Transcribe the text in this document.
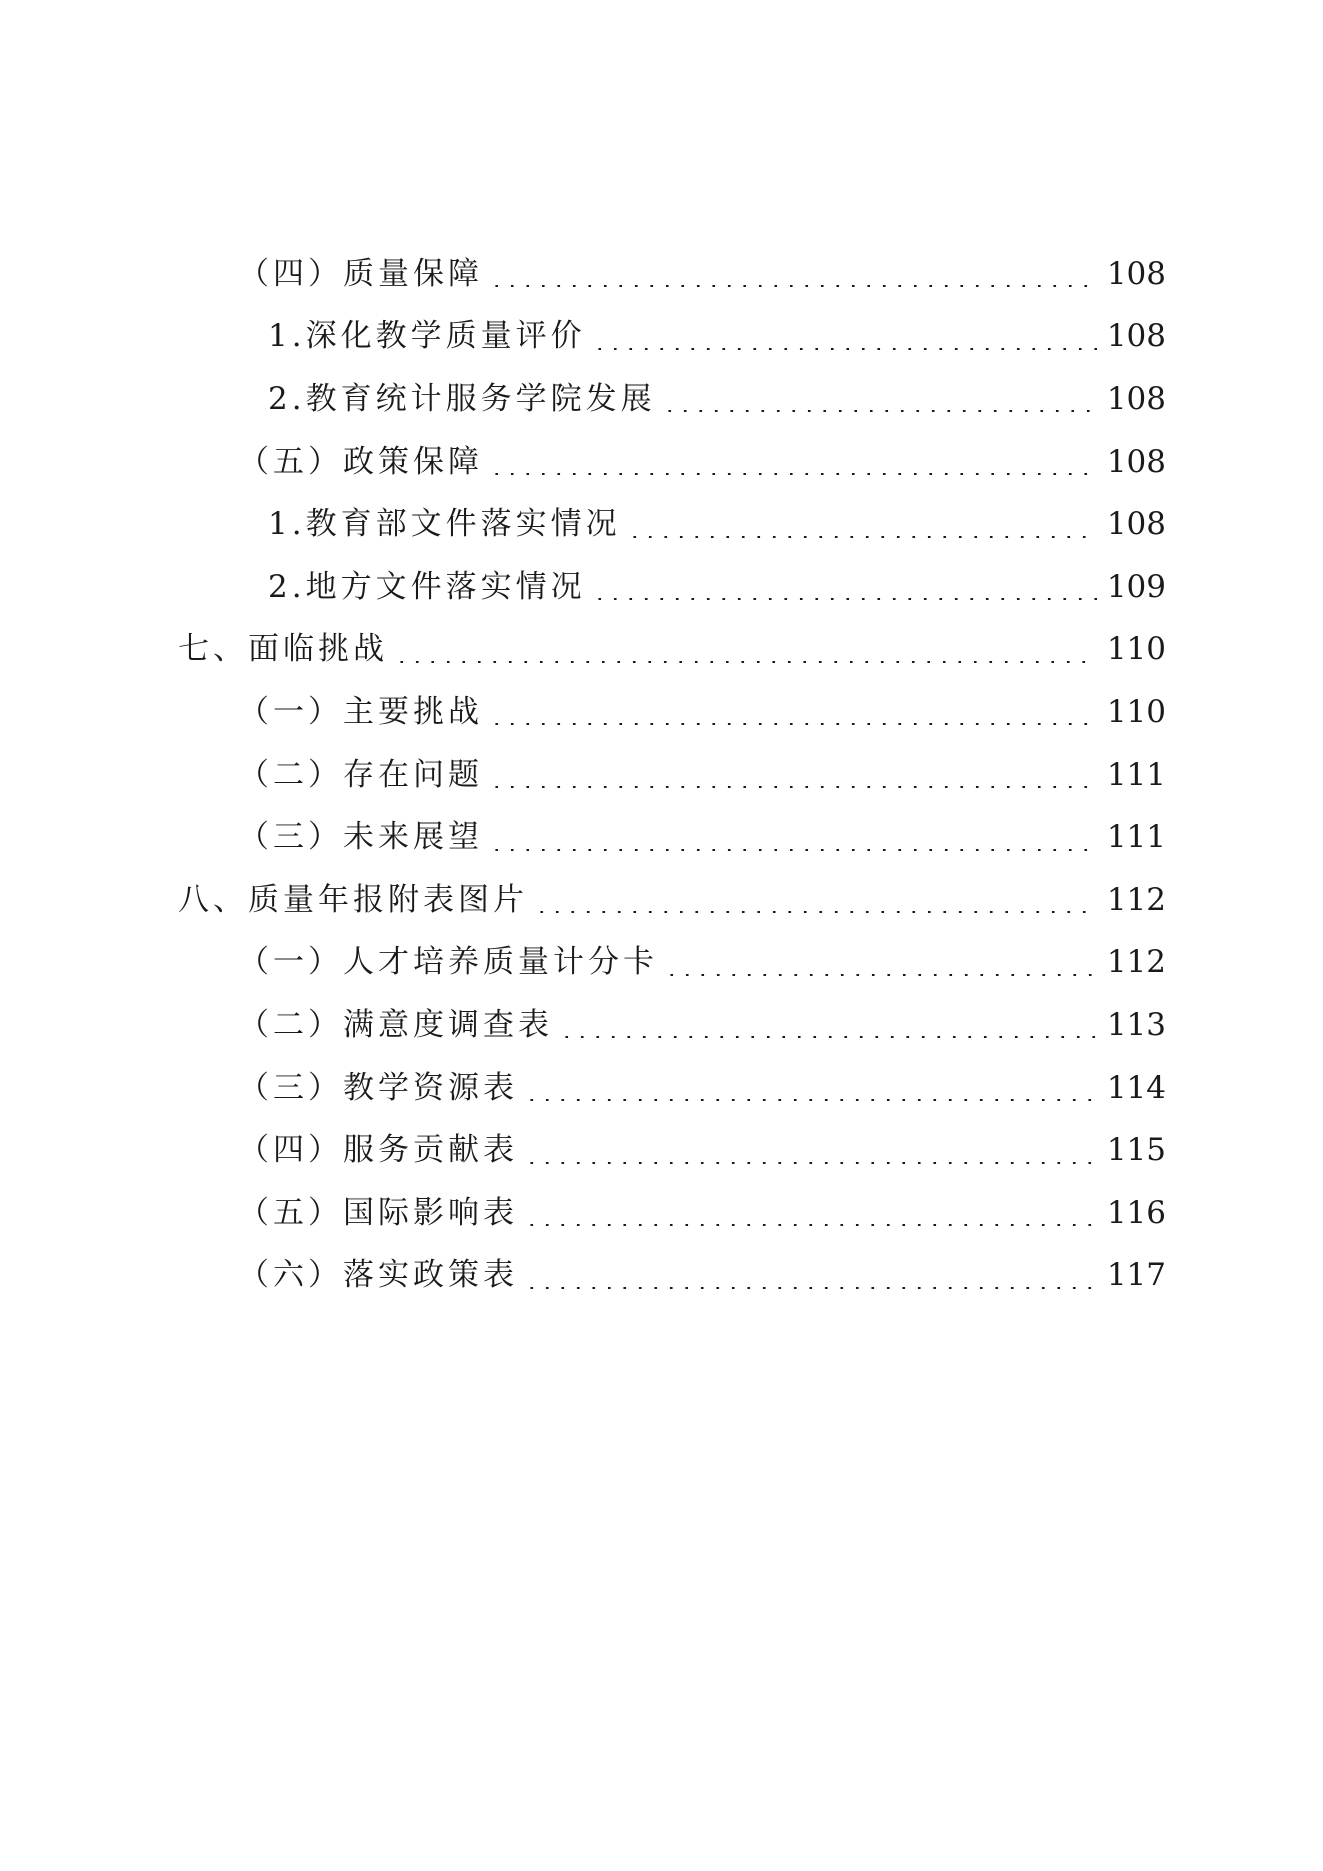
（四）质量保障	108
1.深化教学质量评价	108
2.教育统计服务学院发展	108
（五）政策保障	108
1.教育部文件落实情况	108
2.地方文件落实情况	109
七、面临挑战	110
（一）主要挑战	110
（二）存在问题	111
（三）未来展望	111
八、质量年报附表图片	112
（一）人才培养质量计分卡	112
（二）满意度调查表	113
（三）教学资源表	114
（四）服务贡献表	115
（五）国际影响表	116
（六）落实政策表	117
